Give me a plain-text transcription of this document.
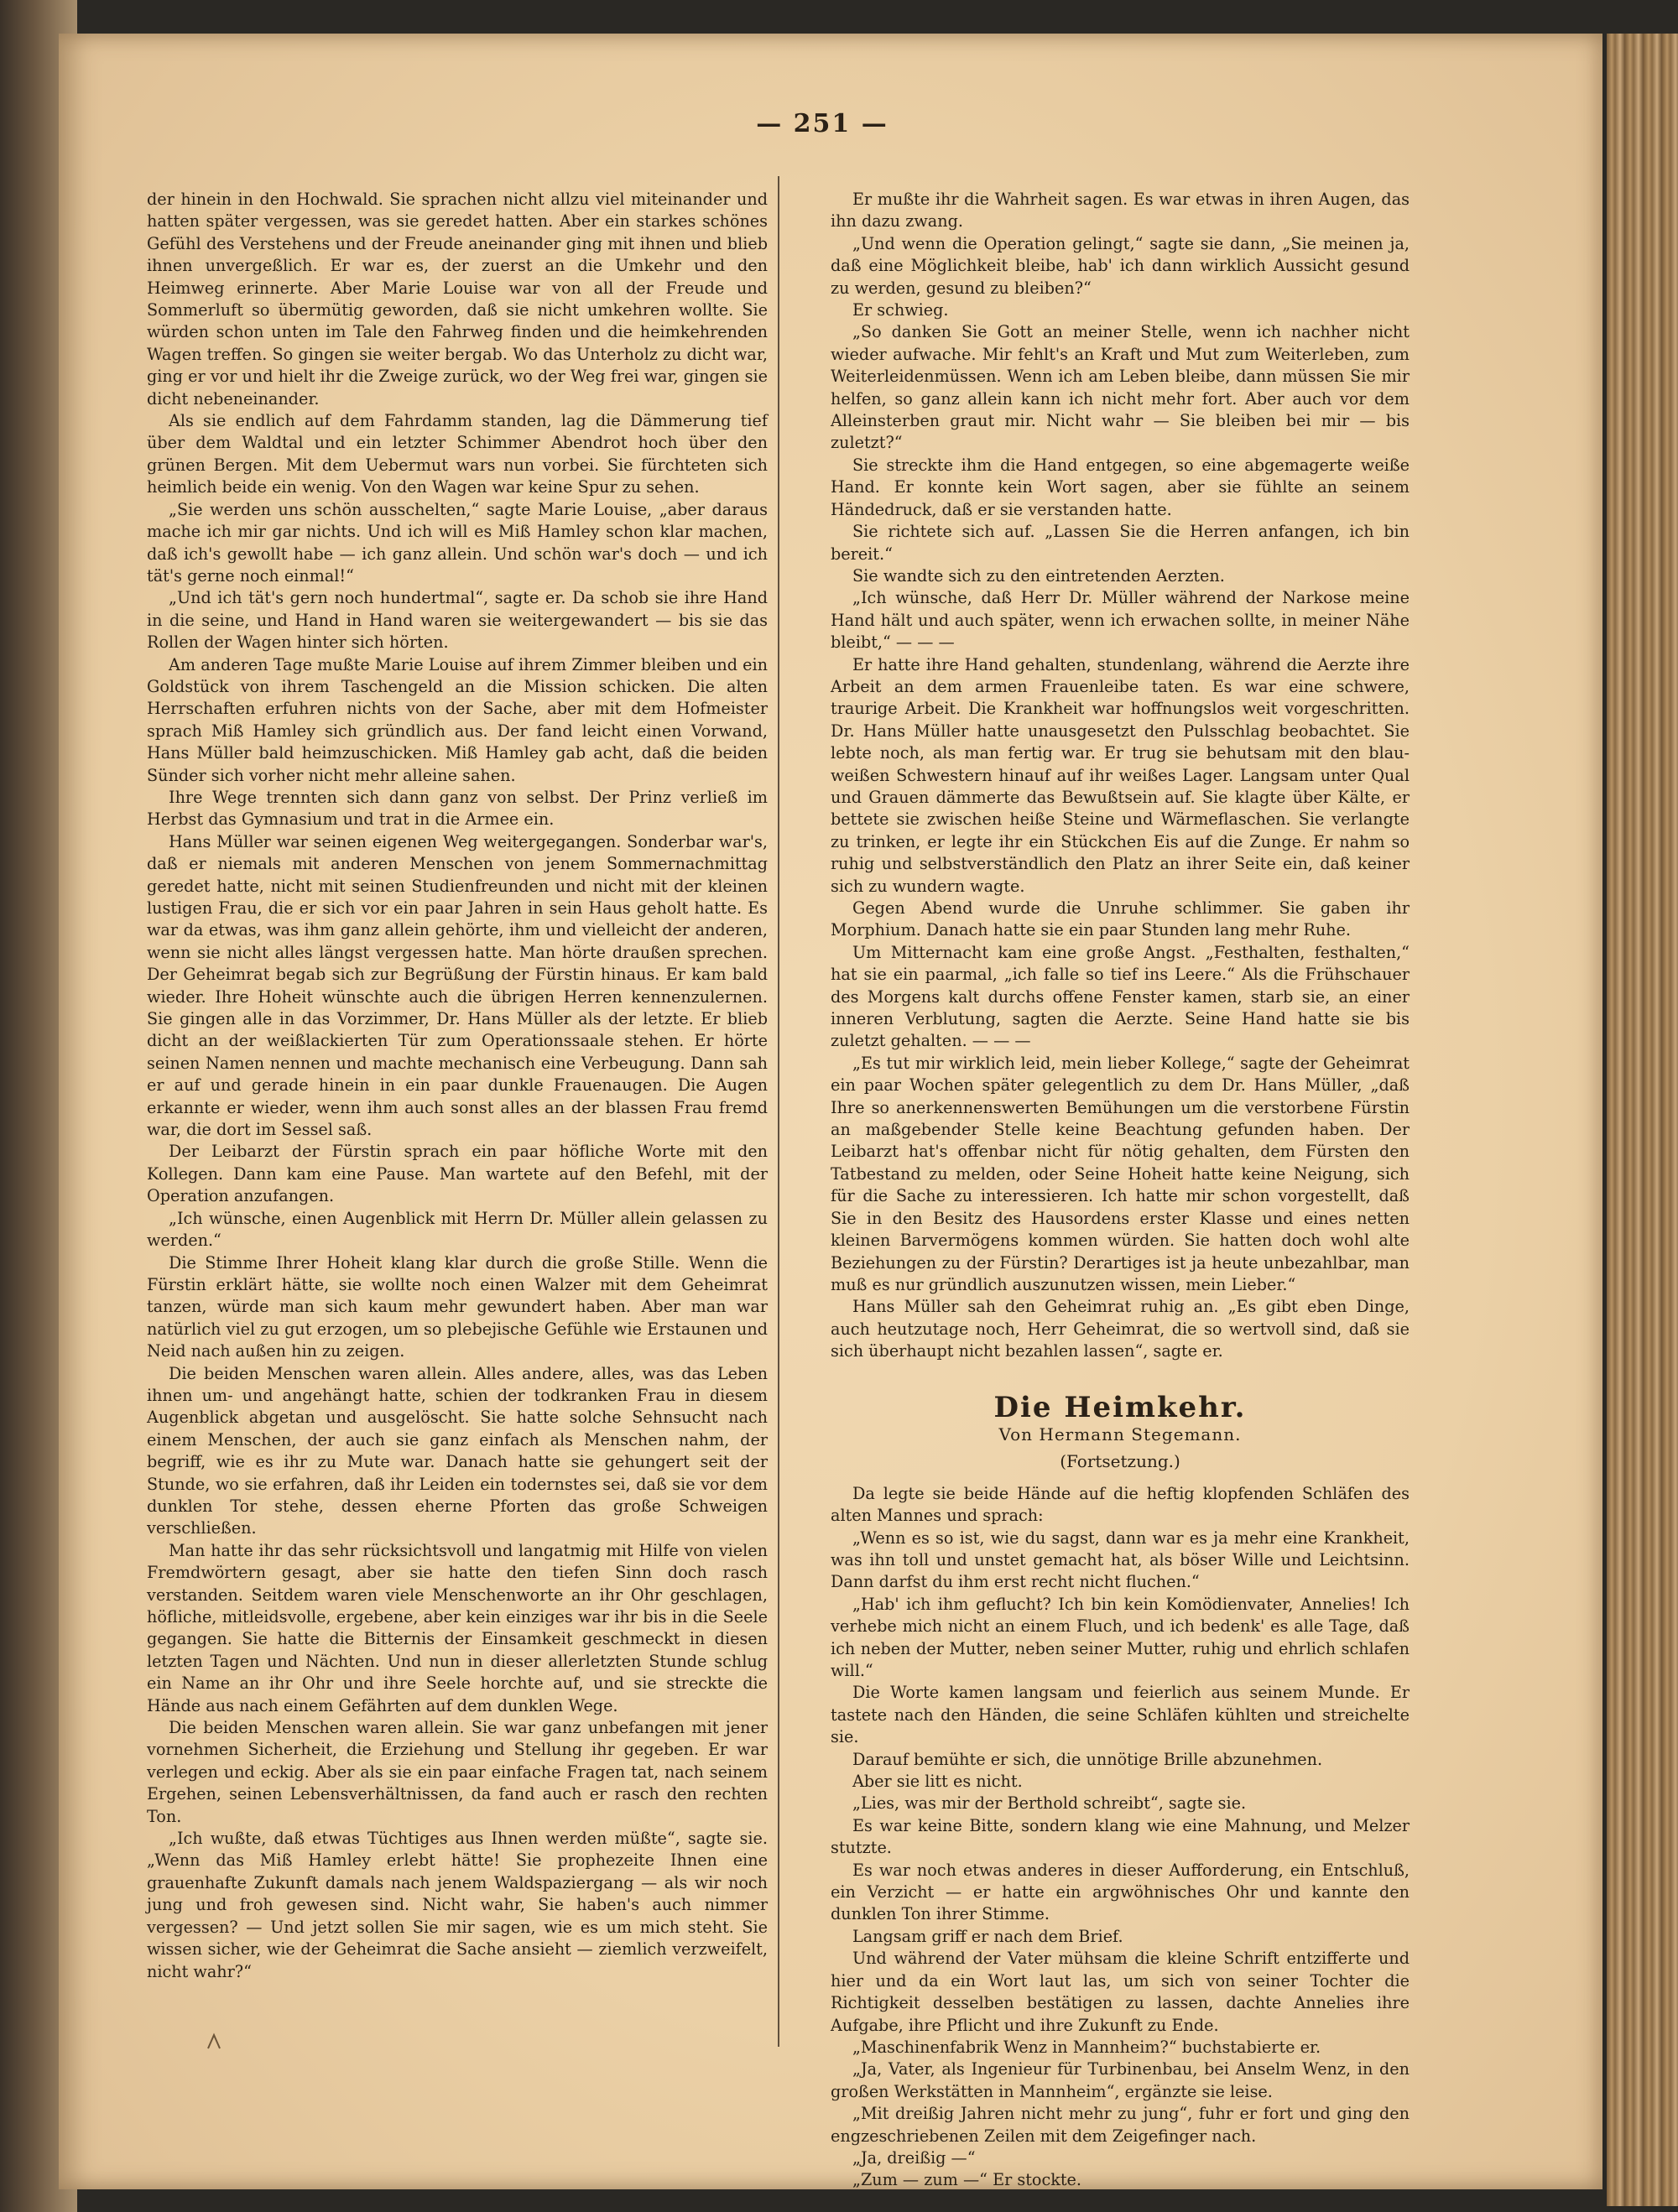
— 251 —

der hinein in den Hochwald. Sie sprachen nicht allzu viel miteinander und hatten später vergessen, was sie geredet hatten. Aber ein starkes schönes Gefühl des Verstehens und der Freude aneinander ging mit ihnen und blieb ihnen unvergeßlich. Er war es, der zuerst an die Umkehr und den Heimweg erinnerte. Aber Marie Louise war von all der Freude und Sommerluft so übermütig geworden, daß sie nicht umkehren wollte. Sie würden schon unten im Tale den Fahrweg finden und die heimkehrenden Wagen treffen. So gingen sie weiter bergab. Wo das Unterholz zu dicht war, ging er vor und hielt ihr die Zweige zurück, wo der Weg frei war, gingen sie dicht nebeneinander.

Als sie endlich auf dem Fahrdamm standen, lag die Dämmerung tief über dem Waldtal und ein letzter Schimmer Abendrot hoch über den grünen Bergen. Mit dem Uebermut wars nun vorbei. Sie fürchteten sich heimlich beide ein wenig. Von den Wagen war keine Spur zu sehen.

„Sie werden uns schön ausschelten,“ sagte Marie Louise, „aber daraus mache ich mir gar nichts. Und ich will es Miß Hamley schon klar machen, daß ich's gewollt habe — ich ganz allein. Und schön war's doch — und ich tät's gerne noch einmal!“

„Und ich tät's gern noch hundertmal“, sagte er. Da schob sie ihre Hand in die seine, und Hand in Hand waren sie weitergewandert — bis sie das Rollen der Wagen hinter sich hörten.

Am anderen Tage mußte Marie Louise auf ihrem Zimmer bleiben und ein Goldstück von ihrem Taschengeld an die Mission schicken. Die alten Herrschaften erfuhren nichts von der Sache, aber mit dem Hofmeister sprach Miß Hamley sich gründlich aus. Der fand leicht einen Vorwand, Hans Müller bald heimzuschicken. Miß Hamley gab acht, daß die beiden Sünder sich vorher nicht mehr alleine sahen.

Ihre Wege trennten sich dann ganz von selbst. Der Prinz verließ im Herbst das Gymnasium und trat in die Armee ein.

Hans Müller war seinen eigenen Weg weitergegangen. Sonderbar war's, daß er niemals mit anderen Menschen von jenem Sommernachmittag geredet hatte, nicht mit seinen Studienfreunden und nicht mit der kleinen lustigen Frau, die er sich vor ein paar Jahren in sein Haus geholt hatte. Es war da etwas, was ihm ganz allein gehörte, ihm und vielleicht der anderen, wenn sie nicht alles längst vergessen hatte. Man hörte draußen sprechen. Der Geheimrat begab sich zur Begrüßung der Fürstin hinaus. Er kam bald wieder. Ihre Hoheit wünschte auch die übrigen Herren kennenzulernen. Sie gingen alle in das Vorzimmer, Dr. Hans Müller als der letzte. Er blieb dicht an der weißlackierten Tür zum Operationssaale stehen. Er hörte seinen Namen nennen und machte mechanisch eine Verbeugung. Dann sah er auf und gerade hinein in ein paar dunkle Frauenaugen. Die Augen erkannte er wieder, wenn ihm auch sonst alles an der blassen Frau fremd war, die dort im Sessel saß.

Der Leibarzt der Fürstin sprach ein paar höfliche Worte mit den Kollegen. Dann kam eine Pause. Man wartete auf den Befehl, mit der Operation anzufangen.

„Ich wünsche, einen Augenblick mit Herrn Dr. Müller allein gelassen zu werden.“

Die Stimme Ihrer Hoheit klang klar durch die große Stille. Wenn die Fürstin erklärt hätte, sie wollte noch einen Walzer mit dem Geheimrat tanzen, würde man sich kaum mehr gewundert haben. Aber man war natürlich viel zu gut erzogen, um so plebejische Gefühle wie Erstaunen und Neid nach außen hin zu zeigen.

Die beiden Menschen waren allein. Alles andere, alles, was das Leben ihnen um- und angehängt hatte, schien der todkranken Frau in diesem Augenblick abgetan und ausgelöscht. Sie hatte solche Sehnsucht nach einem Menschen, der auch sie ganz einfach als Menschen nahm, der begriff, wie es ihr zu Mute war. Danach hatte sie gehungert seit der Stunde, wo sie erfahren, daß ihr Leiden ein todernstes sei, daß sie vor dem dunklen Tor stehe, dessen eherne Pforten das große Schweigen verschließen.

Man hatte ihr das sehr rücksichtsvoll und langatmig mit Hilfe von vielen Fremdwörtern gesagt, aber sie hatte den tiefen Sinn doch rasch verstanden. Seitdem waren viele Menschenworte an ihr Ohr geschlagen, höfliche, mitleidsvolle, ergebene, aber kein einziges war ihr bis in die Seele gegangen. Sie hatte die Bitternis der Einsamkeit geschmeckt in diesen letzten Tagen und Nächten. Und nun in dieser allerletzten Stunde schlug ein Name an ihr Ohr und ihre Seele horchte auf, und sie streckte die Hände aus nach einem Gefährten auf dem dunklen Wege.

Die beiden Menschen waren allein. Sie war ganz unbefangen mit jener vornehmen Sicherheit, die Erziehung und Stellung ihr gegeben. Er war verlegen und eckig. Aber als sie ein paar einfache Fragen tat, nach seinem Ergehen, seinen Lebensverhältnissen, da fand auch er rasch den rechten Ton.

„Ich wußte, daß etwas Tüchtiges aus Ihnen werden müßte“, sagte sie. „Wenn das Miß Hamley erlebt hätte! Sie prophezeite Ihnen eine grauenhafte Zukunft damals nach jenem Waldspaziergang — als wir noch jung und froh gewesen sind. Nicht wahr, Sie haben's auch nimmer vergessen? — Und jetzt sollen Sie mir sagen, wie es um mich steht. Sie wissen sicher, wie der Geheimrat die Sache ansieht — ziemlich verzweifelt, nicht wahr?“

Er mußte ihr die Wahrheit sagen. Es war etwas in ihren Augen, das ihn dazu zwang.

„Und wenn die Operation gelingt,“ sagte sie dann, „Sie meinen ja, daß eine Möglichkeit bleibe, hab' ich dann wirklich Aussicht gesund zu werden, gesund zu bleiben?“

Er schwieg.

„So danken Sie Gott an meiner Stelle, wenn ich nachher nicht wieder aufwache. Mir fehlt's an Kraft und Mut zum Weiterleben, zum Weiterleidenmüssen. Wenn ich am Leben bleibe, dann müssen Sie mir helfen, so ganz allein kann ich nicht mehr fort. Aber auch vor dem Alleinsterben graut mir. Nicht wahr — Sie bleiben bei mir — bis zuletzt?“

Sie streckte ihm die Hand entgegen, so eine abgemagerte weiße Hand. Er konnte kein Wort sagen, aber sie fühlte an seinem Händedruck, daß er sie verstanden hatte.

Sie richtete sich auf. „Lassen Sie die Herren anfangen, ich bin bereit.“

Sie wandte sich zu den eintretenden Aerzten.

„Ich wünsche, daß Herr Dr. Müller während der Narkose meine Hand hält und auch später, wenn ich erwachen sollte, in meiner Nähe bleibt,“ — — —

Er hatte ihre Hand gehalten, stundenlang, während die Aerzte ihre Arbeit an dem armen Frauenleibe taten. Es war eine schwere, traurige Arbeit. Die Krankheit war hoffnungslos weit vorgeschritten. Dr. Hans Müller hatte unausgesetzt den Pulsschlag beobachtet. Sie lebte noch, als man fertig war. Er trug sie behutsam mit den blau-weißen Schwestern hinauf auf ihr weißes Lager. Langsam unter Qual und Grauen dämmerte das Bewußtsein auf. Sie klagte über Kälte, er bettete sie zwischen heiße Steine und Wärmeflaschen. Sie verlangte zu trinken, er legte ihr ein Stückchen Eis auf die Zunge. Er nahm so ruhig und selbstverständlich den Platz an ihrer Seite ein, daß keiner sich zu wundern wagte.

Gegen Abend wurde die Unruhe schlimmer. Sie gaben ihr Morphium. Danach hatte sie ein paar Stunden lang mehr Ruhe.

Um Mitternacht kam eine große Angst. „Festhalten, festhalten,“ hat sie ein paarmal, „ich falle so tief ins Leere.“ Als die Frühschauer des Morgens kalt durchs offene Fenster kamen, starb sie, an einer inneren Verblutung, sagten die Aerzte. Seine Hand hatte sie bis zuletzt gehalten. — — —

„Es tut mir wirklich leid, mein lieber Kollege,“ sagte der Geheimrat ein paar Wochen später gelegentlich zu dem Dr. Hans Müller, „daß Ihre so anerkennenswerten Bemühungen um die verstorbene Fürstin an maßgebender Stelle keine Beachtung gefunden haben. Der Leibarzt hat's offenbar nicht für nötig gehalten, dem Fürsten den Tatbestand zu melden, oder Seine Hoheit hatte keine Neigung, sich für die Sache zu interessieren. Ich hatte mir schon vorgestellt, daß Sie in den Besitz des Hausordens erster Klasse und eines netten kleinen Barvermögens kommen würden. Sie hatten doch wohl alte Beziehungen zu der Fürstin? Derartiges ist ja heute unbezahlbar, man muß es nur gründlich auszunutzen wissen, mein Lieber.“

Hans Müller sah den Geheimrat ruhig an. „Es gibt eben Dinge, auch heutzutage noch, Herr Geheimrat, die so wertvoll sind, daß sie sich überhaupt nicht bezahlen lassen“, sagte er.

Die Heimkehr.
Von Hermann Stegemann.
(Fortsetzung.)

Da legte sie beide Hände auf die heftig klopfenden Schläfen des alten Mannes und sprach:

„Wenn es so ist, wie du sagst, dann war es ja mehr eine Krankheit, was ihn toll und unstet gemacht hat, als böser Wille und Leichtsinn. Dann darfst du ihm erst recht nicht fluchen.“

„Hab' ich ihm geflucht? Ich bin kein Komödienvater, Annelies! Ich verhebe mich nicht an einem Fluch, und ich bedenk' es alle Tage, daß ich neben der Mutter, neben seiner Mutter, ruhig und ehrlich schlafen will.“

Die Worte kamen langsam und feierlich aus seinem Munde. Er tastete nach den Händen, die seine Schläfen kühlten und streichelte sie.

Darauf bemühte er sich, die unnötige Brille abzunehmen.

Aber sie litt es nicht.

„Lies, was mir der Berthold schreibt“, sagte sie.

Es war keine Bitte, sondern klang wie eine Mahnung, und Melzer stutzte.

Es war noch etwas anderes in dieser Aufforderung, ein Entschluß, ein Verzicht — er hatte ein argwöhnisches Ohr und kannte den dunklen Ton ihrer Stimme.

Langsam griff er nach dem Brief.

Und während der Vater mühsam die kleine Schrift entzifferte und hier und da ein Wort laut las, um sich von seiner Tochter die Richtigkeit desselben bestätigen zu lassen, dachte Annelies ihre Aufgabe, ihre Pflicht und ihre Zukunft zu Ende.

„Maschinenfabrik Wenz in Mannheim?“ buchstabierte er.

„Ja, Vater, als Ingenieur für Turbinenbau, bei Anselm Wenz, in den großen Werkstätten in Mannheim“, ergänzte sie leise.

„Mit dreißig Jahren nicht mehr zu jung“, fuhr er fort und ging den engzeschriebenen Zeilen mit dem Zeigefinger nach.

„Ja, dreißig —“

„Zum — zum —“ Er stockte.
